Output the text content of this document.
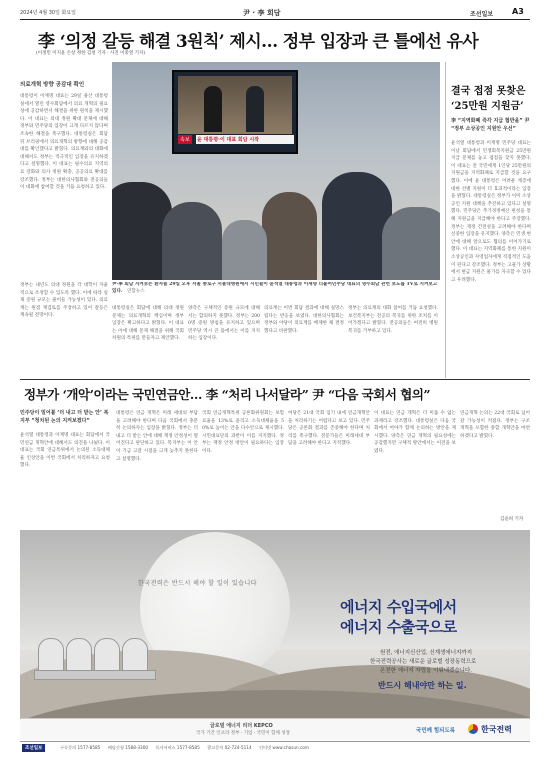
2024년 4월 30일 화요일	尹 · 李 회담	조선일보 A3
李 ‘의정 갈등 해결 3원칙’ 제시… 정부 입장과 큰 틀에선 유사
(이정민 이지윤 손창 정한 김청 기자 · 사진 이중열 기자)
의료개혁 방향 공감대 확인
대통령이 이재명 대표는 29일 용산 대통령실에서 열린 영수회담에서 의료 개혁의 필요성에 공감하면서 해결을 위한 원칙을 제시했다. 이 대표는 의대 정원 확대 문제에 대해 정부와 민주당의 입장이 크게 다르지 않다며 조속한 해결을 촉구했다. 대통령실은 회담 뒤 브리핑에서 의료개혁의 방향에 대해 공감대를 확인했다고 밝혔다. 의료계와의 대화에 대해서도 정부는 적극적인 입장을 유지하겠다고 설명했다. 이 대표는 필수의료 지역의료 강화와 의사 정원 확충, 공공의료 확대를 강조했다. 정부는 대한의사협회와 전공의들이 대화에 참여할 것을 거듭 요청하고 있다.
속보	윤 대통령·이 대표 회담 시작
尹·李 회담 지켜보는 환자들 29일 오후 서울 종로구 서울대병원에서 시민들이 윤석열 대통령과 이재명 더불어민주당 대표의 영수회담 관련 보도를 TV로 지켜보고 있다. 연합뉴스
대통령실은 회담에 대해 의대 정원 문제는 의료개혁의 핵심이며 정부 입장은 확고하다고 밝혔다. 이 대표는 이에 대해 문제 해결을 위해 국회 차원의 특위를 만들자고 제안했다.
양측은 구체적인 증원 규모에 대해서는 합의하지 못했다. 정부는 2000명 증원 방침을 유지하고 있으며 민주당 역시 큰 틀에서는 이를 지지하는 입장이다.
의료계는 이번 회담 결과에 대해 실망스럽다는 반응을 보였다. 대한의사협회는 정부와 야당이 의료계를 배제한 채 결정했다고 비판했다.
정부는 의료계의 대화 참여를 거듭 요청했다. 보건복지부는 전공의 복귀를 위한 조치를 이어가겠다고 밝혔다. 전공의들은 여전히 병원 복귀를 거부하고 있다.
정부는 내년도 의대 정원을 각 대학이 자율적으로 조정할 수 있도록 했다. 이에 따라 실제 증원 규모는 줄어들 가능성이 있다. 의료계는 원점 재검토를 주장하고 있어 갈등은 계속될 전망이다.
결국 접점 못찾은
‘25만원 지원금’
李 “지역화폐 즉각 지급 협반을” 尹 “정부 소상공인 지원안 우선”
윤석열 대통령과 이재명 민주당 대표는 이날 회담에서 민생회복지원금 25만원 지급 문제를 놓고 접점을 찾지 못했다. 이 대표는 전 국민에게 1인당 25만원의 지원금을 지역화폐로 지급할 것을 요구했다. 이에 윤 대통령은 어려운 계층에 대한 선별 지원이 더 효과적이라는 입장을 밝혔다. 대통령실은 정부가 이미 소상공인 지원 대책을 추진하고 있다고 설명했다. 민주당은 추가경정예산 편성을 통해 지원금을 지급해야 한다고 주장했다. 정부는 재정 건전성을 고려해야 한다며 신중한 입장을 유지했다. 양측은 민생 현안에 대해 앞으로도 협의를 이어가기로 했다. 이 대표는 지역화폐를 통한 지원이 소상공인과 자영업자에게 직접적인 도움이 된다고 강조했다. 정부는 고물가 상황에서 현금 지원은 물가를 자극할 수 있다고 우려했다.
정부가 ‘개악’이라는 국민연금안… 李 “처리 나서달라” 尹 “다음 국회서 협의”
민주당이 밀어붙 ‘더 내고 더 받는 안’ 복지부 “청치된 논의 지켜보겠다”
윤석열 대통령과 이재명 대표는 회담에서 국민연금 개혁안에 대해서도 의견을 나눴다. 이 대표는 국회 연금특위에서 논의된 소득대체율 인상안을 이번 국회에서 처리하자고 요청했다.
대통령은 연금 개혁은 미래 세대의 부담을 고려해야 한다며 다음 국회에서 충분히 논의하자는 입장을 밝혔다. 정부는 더 내고 더 받는 안에 대해 재정 안정성이 떨어진다고 판단하고 있다. 복지부는 이 안이 기금 고갈 시점을 크게 늦추지 못한다고 설명했다.
국회 연금개혁특위 공론화위원회는 보험료율을 13%로 올리고 소득대체율을 50%로 높이는 안을 다수안으로 제시했다. 시민대표단의 과반이 이를 지지했다. 정부는 재정 안정 방안이 필요하다는 입장이다.
여당은 21대 국회 임기 내에 연금개혁안을 처리하기는 어렵다고 보고 있다. 민주당은 공론화 결과를 존중해야 한다며 처리를 촉구했다. 전문가들은 미래세대 부담을 고려해야 한다고 지적했다.
이 대표는 연금 개혁은 더 미룰 수 없는 과제라고 강조했다. 대통령실은 다음 국회에서 여야가 함께 논의하는 방안을 제시했다. 양측은 연금 개혁의 필요성에는 공감했지만 구체적 방안에서는 이견을 보였다.
연금개혁 논의는 22대 국회로 넘어갈 가능성이 커졌다. 정부는 구조 개혁을 포함한 종합 개혁안을 마련하겠다고 밝혔다.
김윤희 기자
한국전력은 반드시 해야 할 일이 있습니다
에너지 수입국에서
에너지 수출국으로
원전, 에너지신산업, 신재생에너지까지
한국전력공사는 새로운 글로벌 성장동력으로
온전한 에너지 자립을 이뤄내겠습니다.
반드시 해내야만 하는 일.
글로벌 에너지 리더 KEPCO
국가 기간 인프라 정부 · 기업 · 국민이 함께 성장	국민께 힘되도록	한국전력
조선일보	구독문의 1577-8585 배달신청 1588-3300 독자서비스 1577-8585 광고문의 02-724-5114 인터넷 www.chosun.com
